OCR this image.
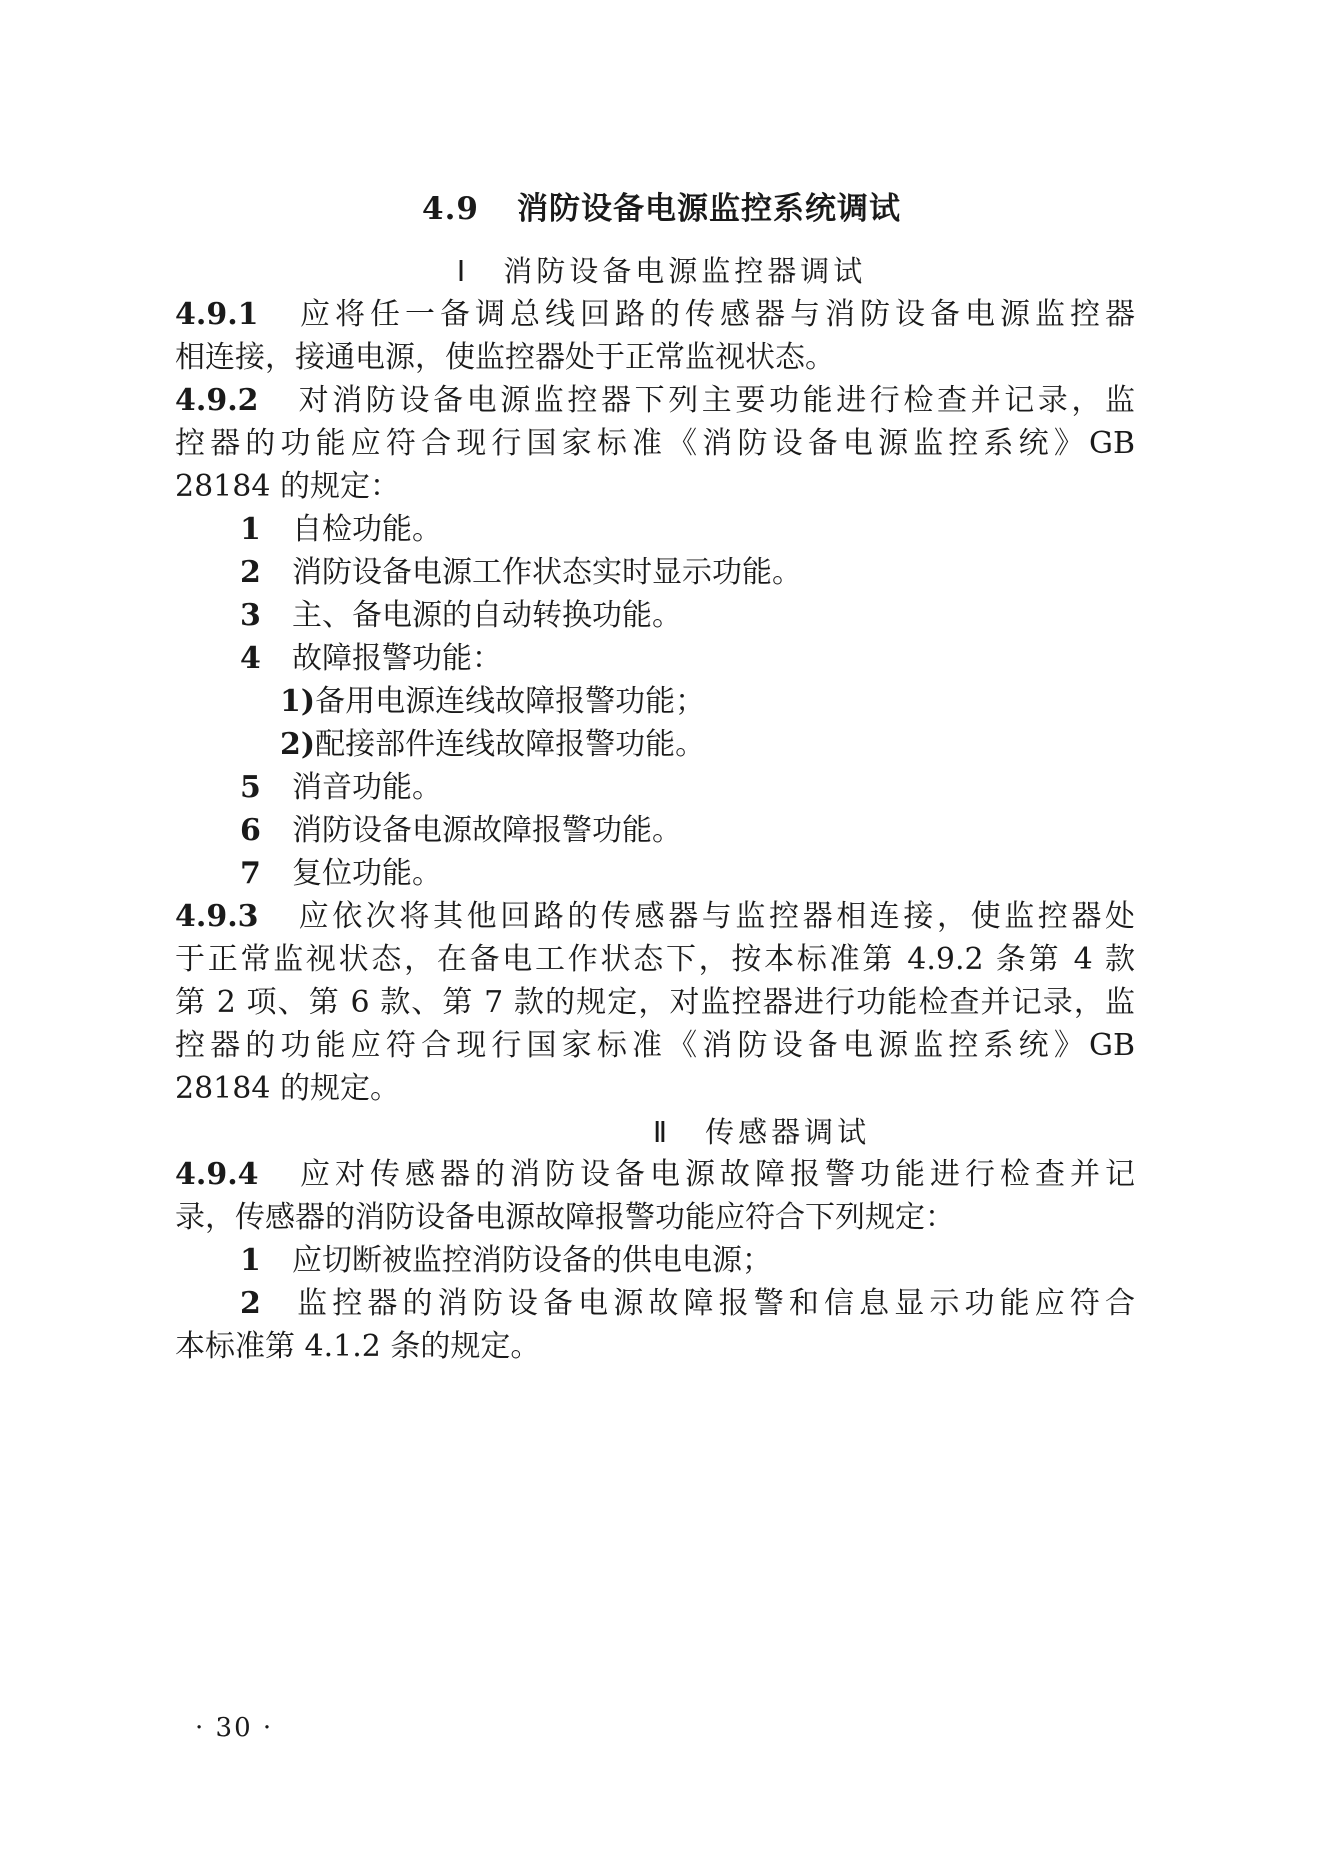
4.9 消防设备电源监控系统调试
Ⅰ 消防设备电源监控器调试
4.9.1 应将任一备调总线回路的传感器与消防设备电源监控器
相连接，接通电源，使监控器处于正常监视状态。
4.9.2 对消防设备电源监控器下列主要功能进行检查并记录，监
控器的功能应符合现行国家标准《消防设备电源监控系统》GB
28184 的规定：
1 自检功能。
2 消防设备电源工作状态实时显示功能。
3 主、备电源的自动转换功能。
4 故障报警功能：
1)备用电源连线故障报警功能；
2)配接部件连线故障报警功能。
5 消音功能。
6 消防设备电源故障报警功能。
7 复位功能。
4.9.3 应依次将其他回路的传感器与监控器相连接，使监控器处
于正常监视状态，在备电工作状态下，按本标准第 4.9.2 条第 4 款
第 2 项、第 6 款、第 7 款的规定，对监控器进行功能检查并记录，监
控器的功能应符合现行国家标准《消防设备电源监控系统》GB
28184 的规定。
Ⅱ 传感器调试
4.9.4 应对传感器的消防设备电源故障报警功能进行检查并记
录，传感器的消防设备电源故障报警功能应符合下列规定：
1 应切断被监控消防设备的供电电源；
2 监控器的消防设备电源故障报警和信息显示功能应符合
本标准第 4.1.2 条的规定。
· 30 ·
